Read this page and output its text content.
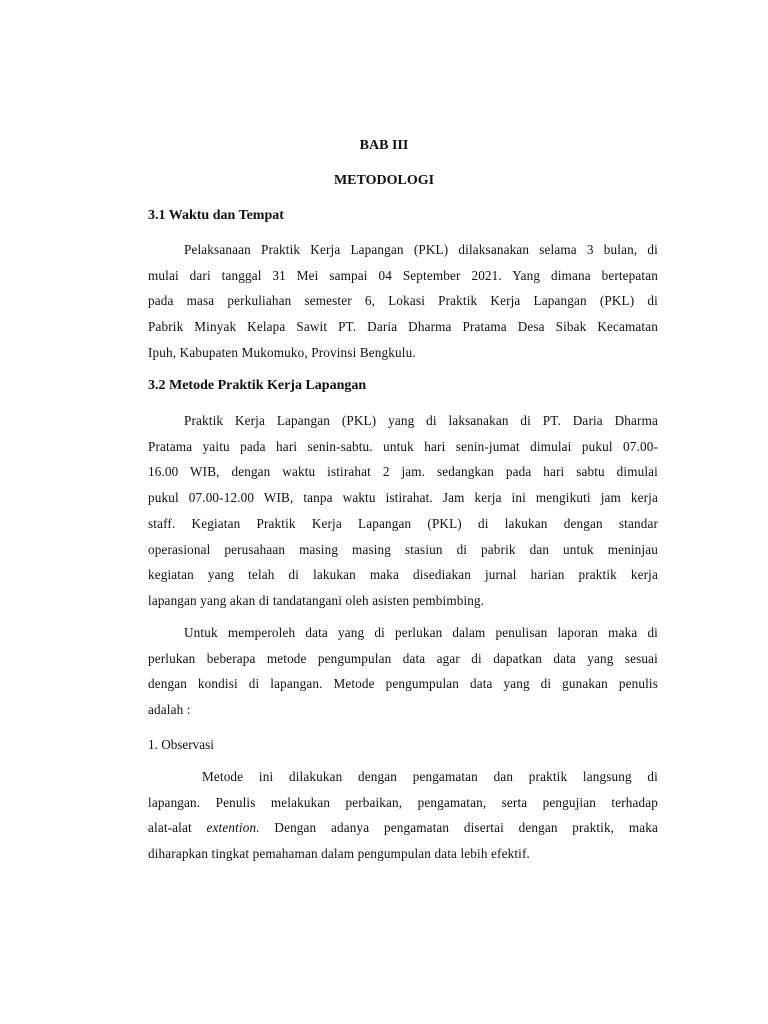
BAB III
METODOLOGI
3.1 Waktu dan Tempat
Pelaksanaan Praktik Kerja Lapangan (PKL) dilaksanakan selama 3 bulan, di
mulai dari tanggal 31 Mei sampai 04 September 2021. Yang dimana bertepatan
pada masa perkuliahan semester 6, Lokasi Praktik Kerja Lapangan (PKL) di
Pabrik Minyak Kelapa Sawit PT. Daria Dharma Pratama Desa Sibak Kecamatan
Ipuh, Kabupaten Mukomuko, Provinsi Bengkulu.
3.2 Metode Praktik Kerja Lapangan
Praktik Kerja Lapangan (PKL) yang di laksanakan di PT. Daria Dharma
Pratama yaitu pada hari senin-sabtu. untuk hari senin-jumat dimulai pukul 07.00-
16.00 WIB, dengan waktu istirahat 2 jam. sedangkan pada hari sabtu dimulai
pukul 07.00-12.00 WIB, tanpa waktu istirahat. Jam kerja ini mengikuti jam kerja
staff. Kegiatan Praktik Kerja Lapangan (PKL) di lakukan dengan standar
operasional perusahaan masing masing stasiun di pabrik dan untuk meninjau
kegiatan yang telah di lakukan maka disediakan jurnal harian praktik kerja
lapangan yang akan di tandatangani oleh asisten pembimbing.
Untuk memperoleh data yang di perlukan dalam penulisan laporan maka di
perlukan beberapa metode pengumpulan data agar di dapatkan data yang sesuai
dengan kondisi di lapangan. Metode pengumpulan data yang di gunakan penulis
adalah :
1. Observasi
Metode ini dilakukan dengan pengamatan dan praktik langsung di
lapangan. Penulis melakukan perbaikan, pengamatan, serta pengujian terhadap
alat-alat extention. Dengan adanya pengamatan disertai dengan praktik, maka
diharapkan tingkat pemahaman dalam pengumpulan data lebih efektif.
